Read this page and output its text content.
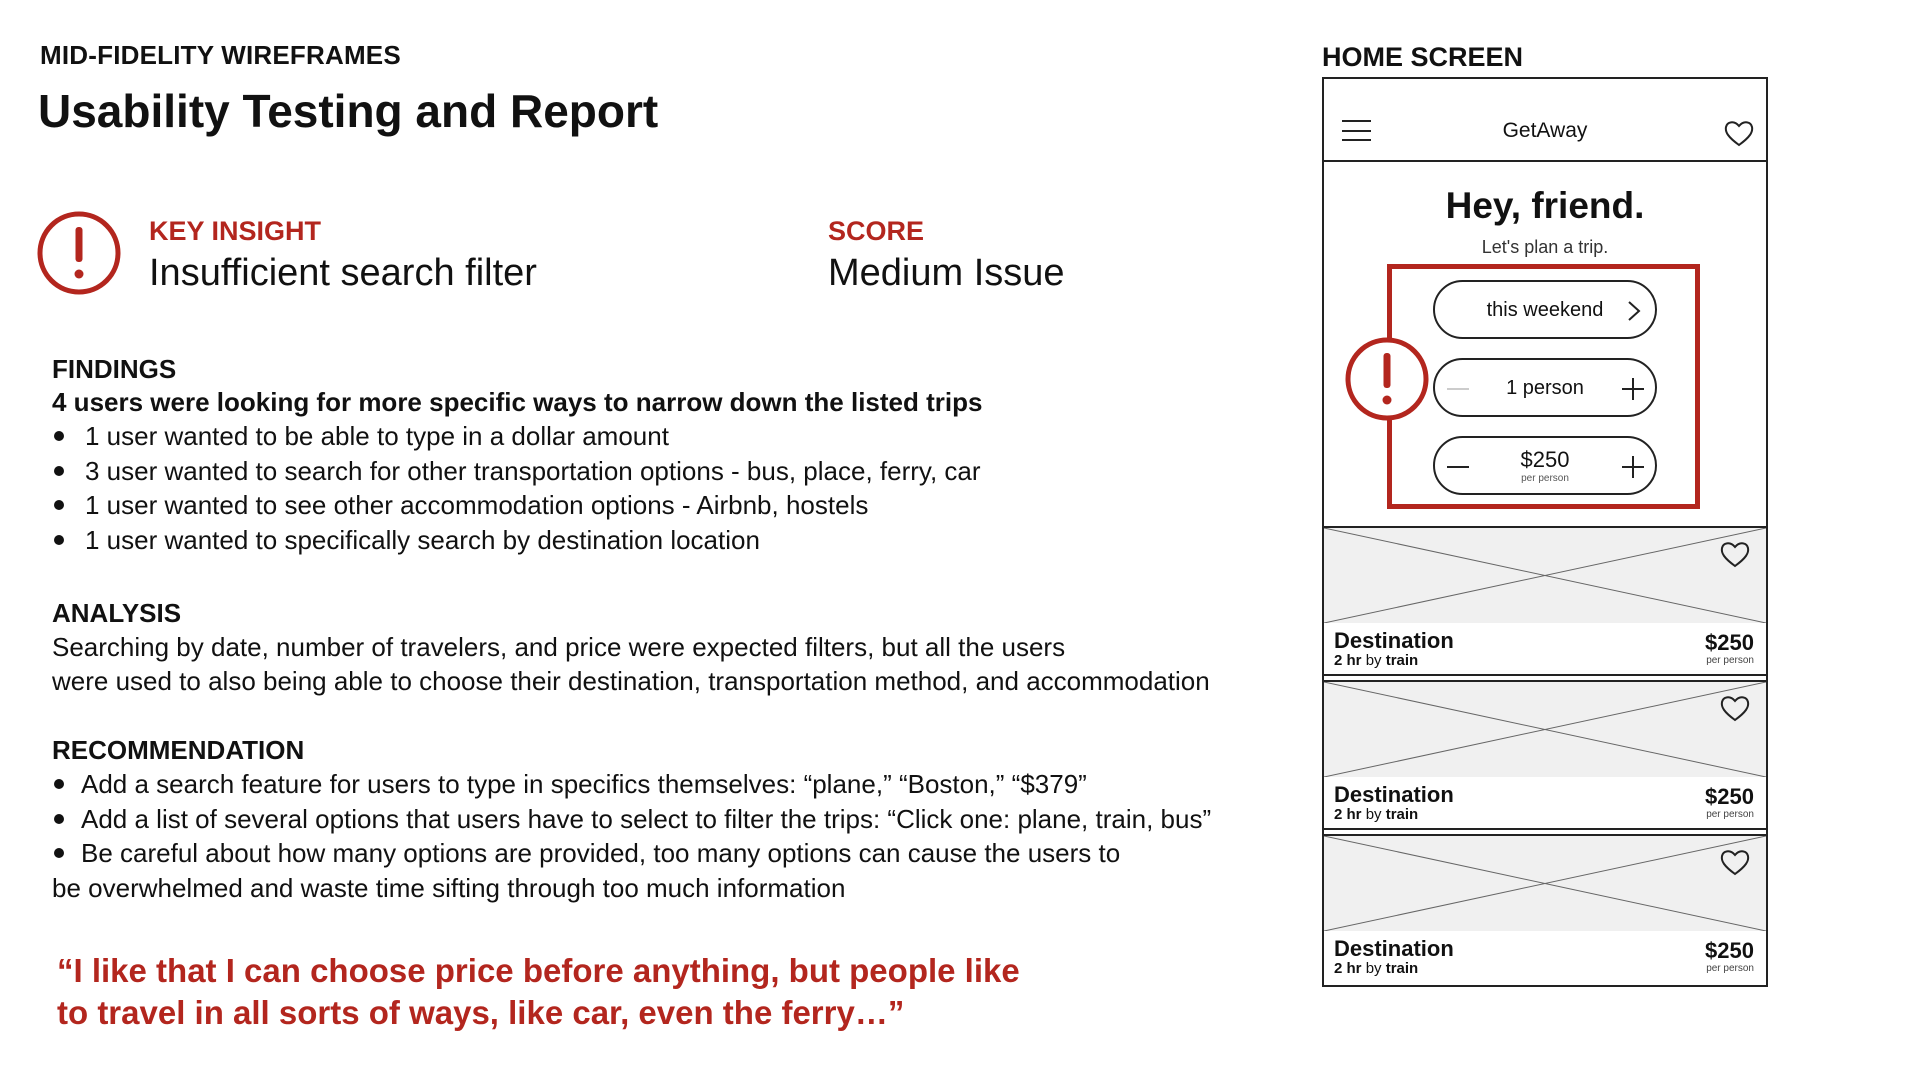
MID-FIDELITY WIREFRAMES
Usability Testing and Report
KEY INSIGHT
Insufficient search filter
SCORE
Medium Issue
FINDINGS
4 users were looking for more specific ways to narrow down the listed trips
1 user wanted to be able to type in a dollar amount
3 user wanted to search for other transportation options - bus, place, ferry, car
1 user wanted to see other accommodation options - Airbnb, hostels
1 user wanted to specifically search by destination location
ANALYSIS
Searching by date, number of travelers, and price were expected filters, but all the users
were used to also being able to choose their destination, transportation method, and accommodation
RECOMMENDATION
Add a search feature for users to type in specifics themselves: “plane,” “Boston,” “$379”
Add a list of several options that users have to select to filter the trips: “Click one: plane, train, bus”
Be careful about how many options are provided, too many options can cause the users to
be overwhelmed and waste time sifting through too much information
“I like that I can choose price before anything, but people like
to travel in all sorts of ways, like car, even the ferry…”
HOME SCREEN
GetAway
Hey, friend.
Let's plan a trip.
this weekend
1 person
$250
per person
Destination
2 hr by train
$250
per person
Destination
2 hr by train
$250
per person
Destination
2 hr by train
$250
per person
